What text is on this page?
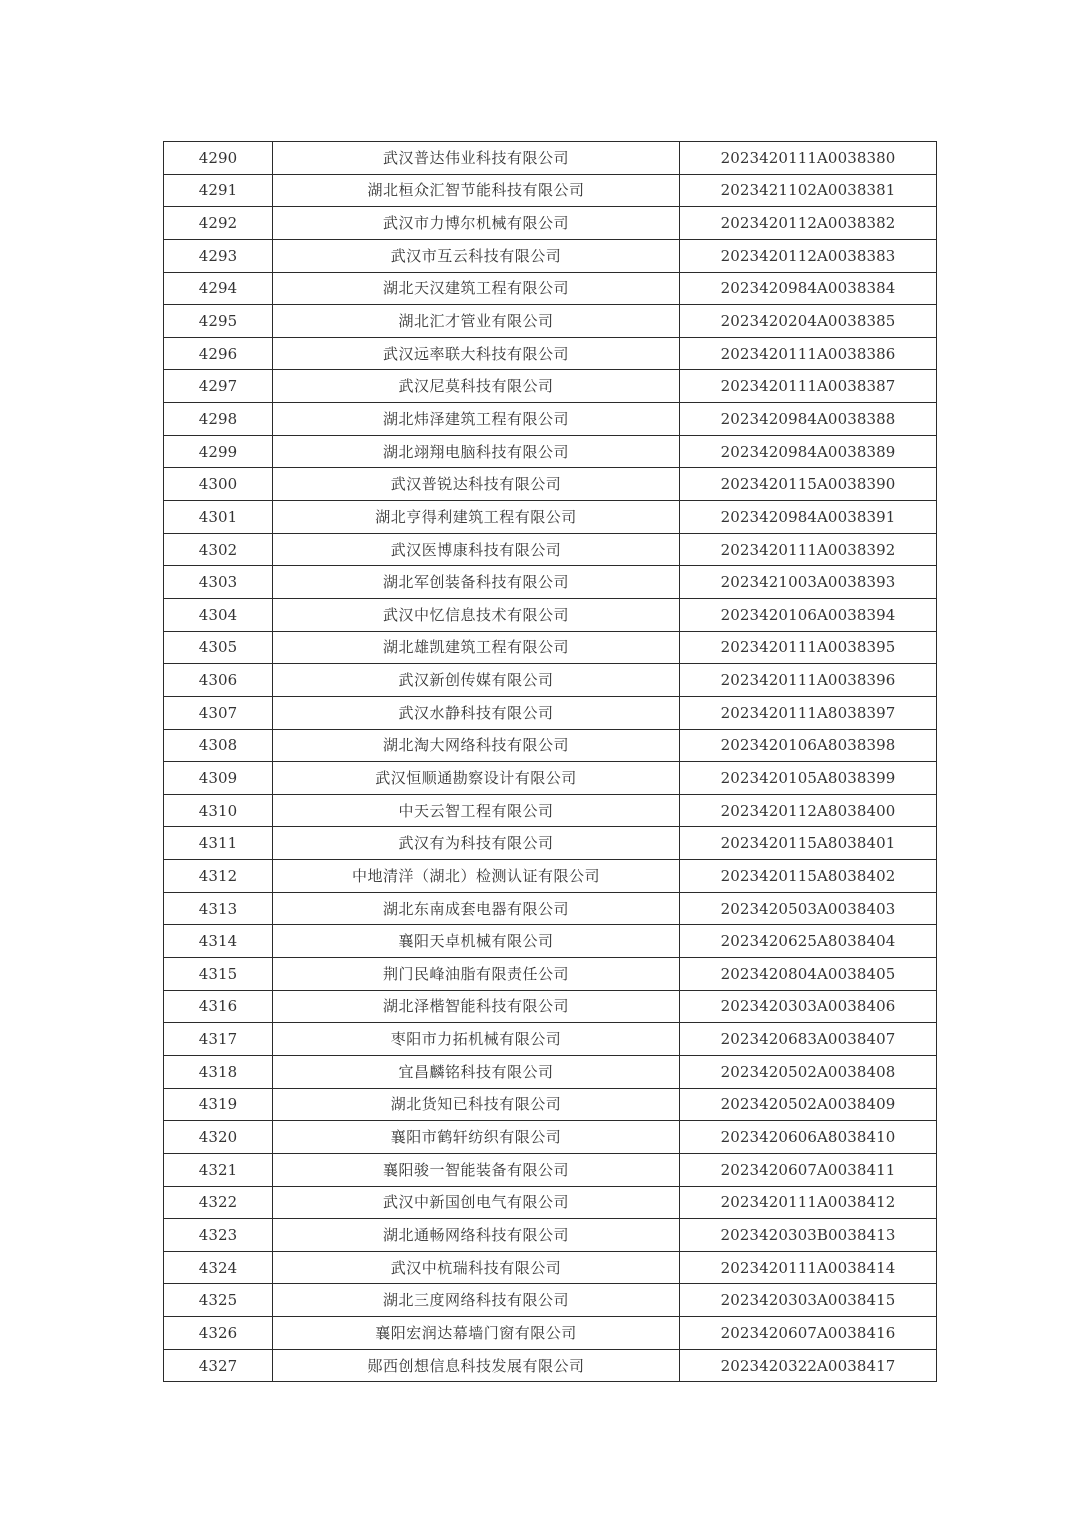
4290	武汉普达伟业科技有限公司	2023420111A0038380
4291	湖北桓众汇智节能科技有限公司	2023421102A0038381
4292	武汉市力博尔机械有限公司	2023420112A0038382
4293	武汉市互云科技有限公司	2023420112A0038383
4294	湖北天汉建筑工程有限公司	2023420984A0038384
4295	湖北汇才管业有限公司	2023420204A0038385
4296	武汉远率联大科技有限公司	2023420111A0038386
4297	武汉尼莫科技有限公司	2023420111A0038387
4298	湖北炜泽建筑工程有限公司	2023420984A0038388
4299	湖北翊翔电脑科技有限公司	2023420984A0038389
4300	武汉普锐达科技有限公司	2023420115A0038390
4301	湖北亨得利建筑工程有限公司	2023420984A0038391
4302	武汉医博康科技有限公司	2023420111A0038392
4303	湖北军创装备科技有限公司	2023421003A0038393
4304	武汉中忆信息技术有限公司	2023420106A0038394
4305	湖北雄凯建筑工程有限公司	2023420111A0038395
4306	武汉新创传媒有限公司	2023420111A0038396
4307	武汉水静科技有限公司	2023420111A8038397
4308	湖北淘大网络科技有限公司	2023420106A8038398
4309	武汉恒顺通勘察设计有限公司	2023420105A8038399
4310	中天云智工程有限公司	2023420112A8038400
4311	武汉有为科技有限公司	2023420115A8038401
4312	中地清洋（湖北）检测认证有限公司	2023420115A8038402
4313	湖北东南成套电器有限公司	2023420503A0038403
4314	襄阳天卓机械有限公司	2023420625A8038404
4315	荆门民峰油脂有限责任公司	2023420804A0038405
4316	湖北泽楷智能科技有限公司	2023420303A0038406
4317	枣阳市力拓机械有限公司	2023420683A0038407
4318	宜昌麟铭科技有限公司	2023420502A0038408
4319	湖北货知已科技有限公司	2023420502A0038409
4320	襄阳市鹤轩纺织有限公司	2023420606A8038410
4321	襄阳骏一智能装备有限公司	2023420607A0038411
4322	武汉中新国创电气有限公司	2023420111A0038412
4323	湖北通畅网络科技有限公司	2023420303B0038413
4324	武汉中杭瑞科技有限公司	2023420111A0038414
4325	湖北三度网络科技有限公司	2023420303A0038415
4326	襄阳宏润达幕墙门窗有限公司	2023420607A0038416
4327	郧西创想信息科技发展有限公司	2023420322A0038417
